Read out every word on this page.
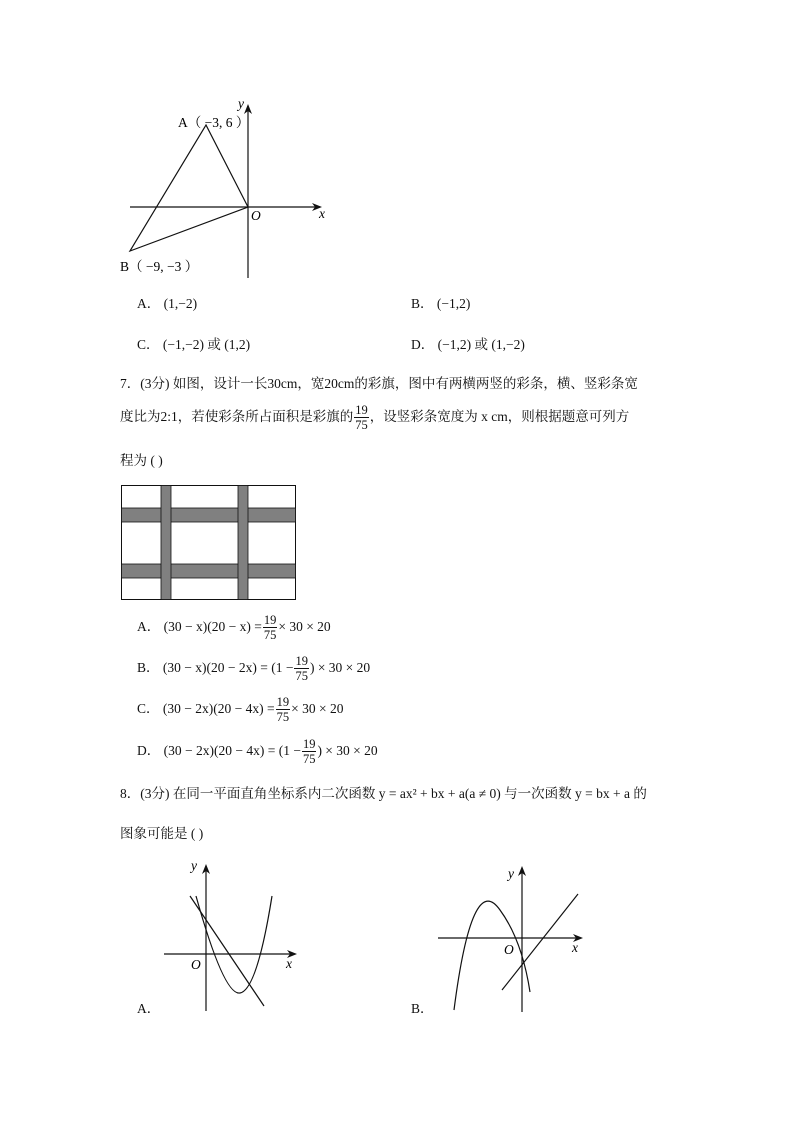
A（ −3, 6 ）
B（ −9, −3 ）
x
y
O
A． (1,−2)	B． (−1,2)
C． (−1,−2) 或 (1,2)	D． (−1,2) 或 (1,−2)
7．(3分) 如图，设计一长30cm，宽20cm的彩旗，图中有两横两竖的彩条，横、竖彩条宽
度比为2:1，若使彩条所占面积是彩旗的 $\frac{19}{75}$ ，设竖彩条宽度为 x cm，则根据题意可列方
程为 ( )
A． $(30 - x)(20 - x) = \frac{19}{75} \times 30 \times 20$
B． $(30 - x)(20 - 2x) = (1 - \frac{19}{75}$ ) × 30 × 20
C． $(30 - 2x)(20 - 4x) = \frac{19}{75} \times 30 \times 20$
D． $(30 - 2x)(20 - 4x) = (1 - \frac{19}{75}$ ) × 30 × 20
8．(3分) 在同一平面直角坐标系内二次函数 y = ax² + bx + a(a ≠ 0) 与一次函数 y = bx + a 的
图象可能是 ( )
x
y
O
A．
x
y
O
B．
